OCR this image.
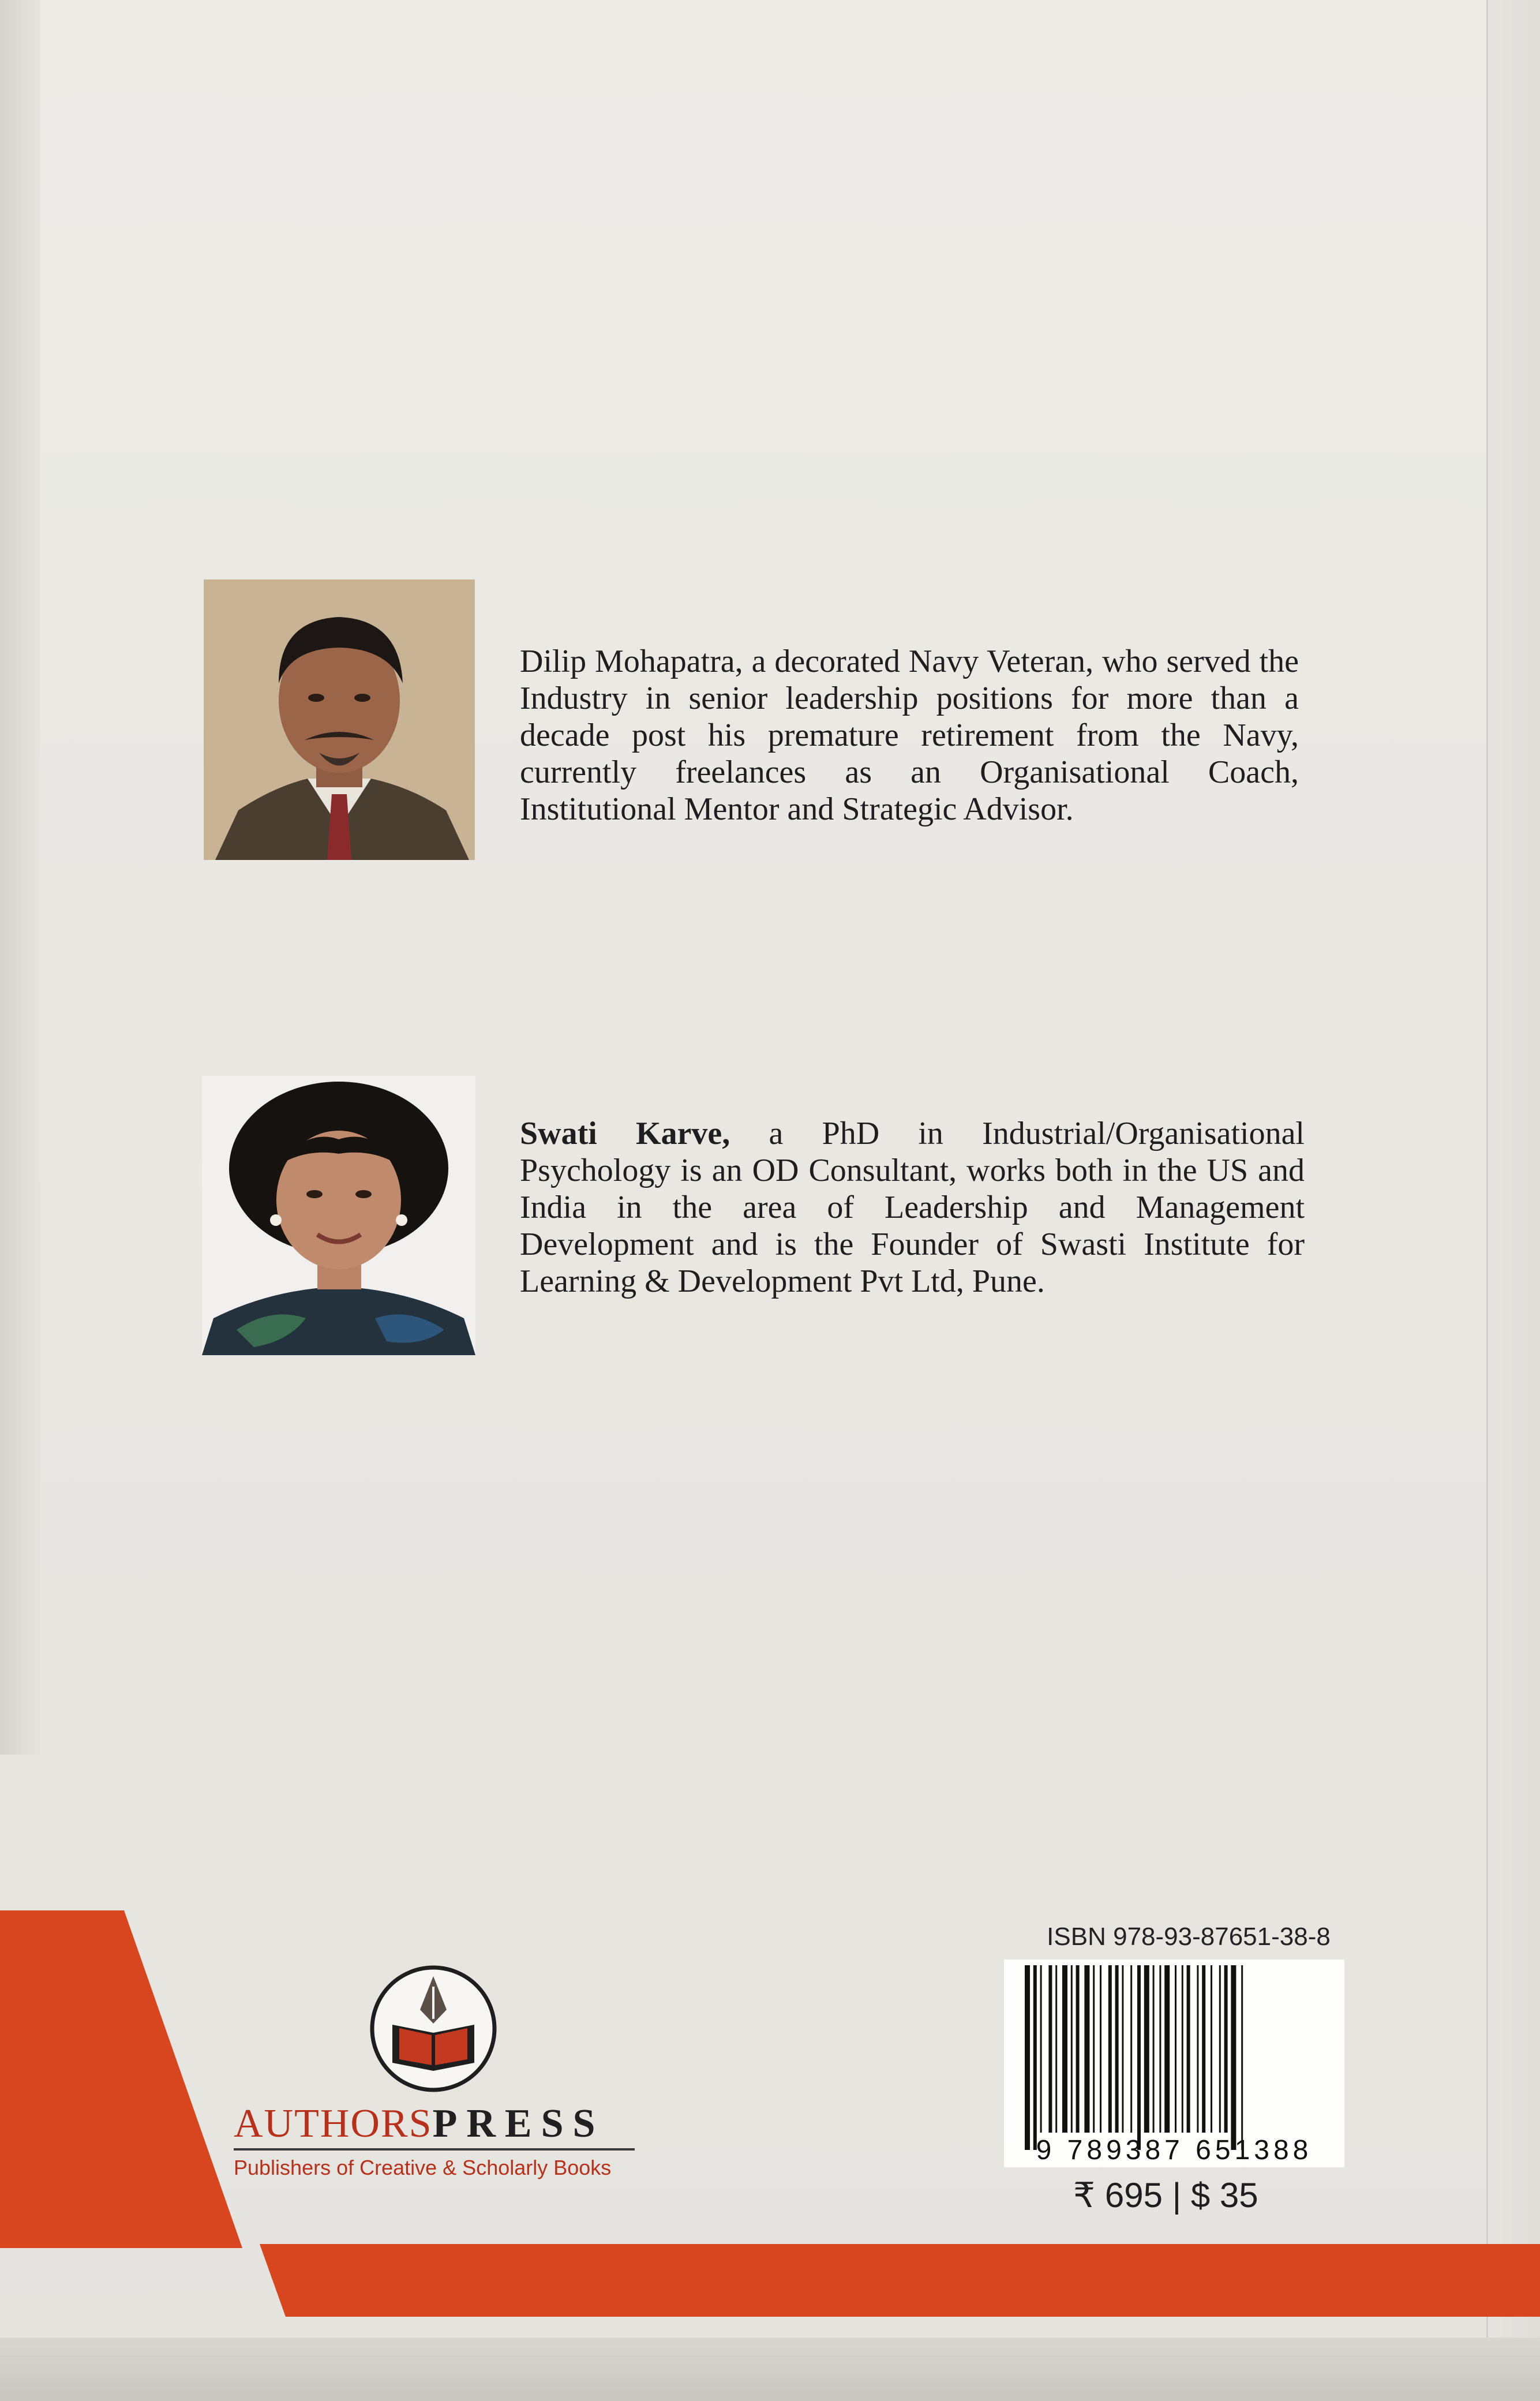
Dilip Mohapatra, a decorated Navy Veteran, who served the Industry in senior leadership positions for more than a decade post his premature retirement from the Navy, currently freelances as an Organisational Coach, Institutional Mentor and Strategic Advisor.
Swati Karve, a PhD in Industrial/Organisational Psychology is an OD Consultant, works both in the US and India in the area of Leadership and Management Development and is the Founder of Swasti Institute for Learning & Development Pvt Ltd, Pune.
AUTHORSPRESS
Publishers of Creative & Scholarly Books
ISBN 978-93-87651-38-8
9 789387 651388
₹ 695 | $ 35
